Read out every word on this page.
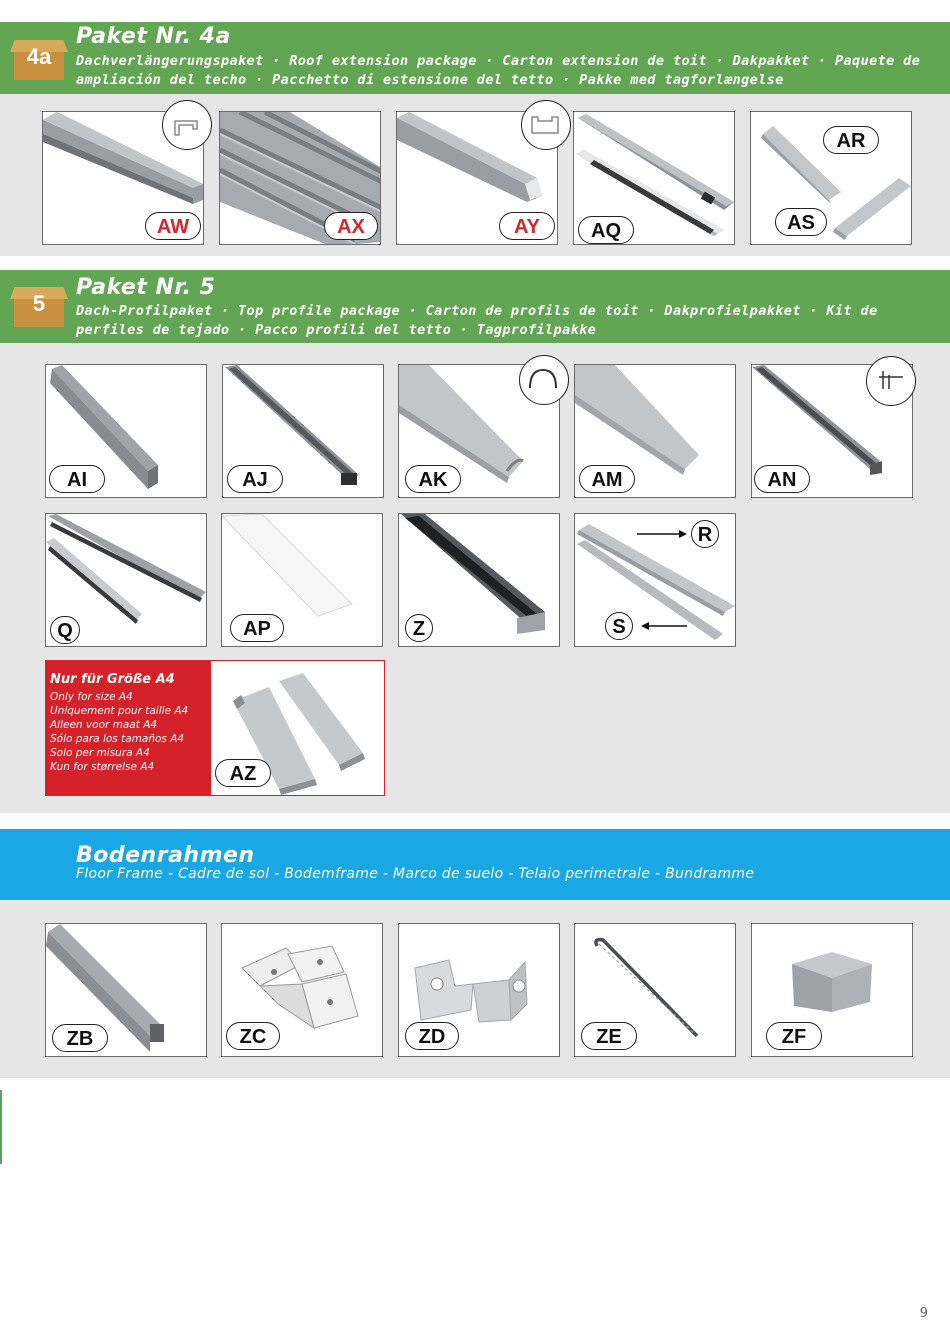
4a
Paket Nr. 4a
Dachverlängerungspaket · Roof extension package · Carton extension de toit · Dakpakket · Paquete de ampliación del techo · Pacchetto di estensione del tetto · Pakke med tagforlængelse
AW	AX	AY	AQ
AR
AS
5
Paket Nr. 5
Dach-Profilpaket · Top profile package · Carton de profils de toit · Dakprofielpakket · Kit de perfiles de tejado · Pacco profili del tetto · Tagprofilpakke
AI	AJ	AK	AM	AN
Q	AP	Z
R
S
Nur für Größe A4
Only for size A4
Uniquement pour taille A4
Alleen voor maat A4
Sólo para los tamaños A4
Solo per misura A4
Kun for størrelse A4	AZ
Bodenrahmen
Floor Frame - Cadre de sol - Bodemframe - Marco de suelo - Telaio perimetrale - Bundramme
ZB	ZC	ZD	ZE	ZF
9
